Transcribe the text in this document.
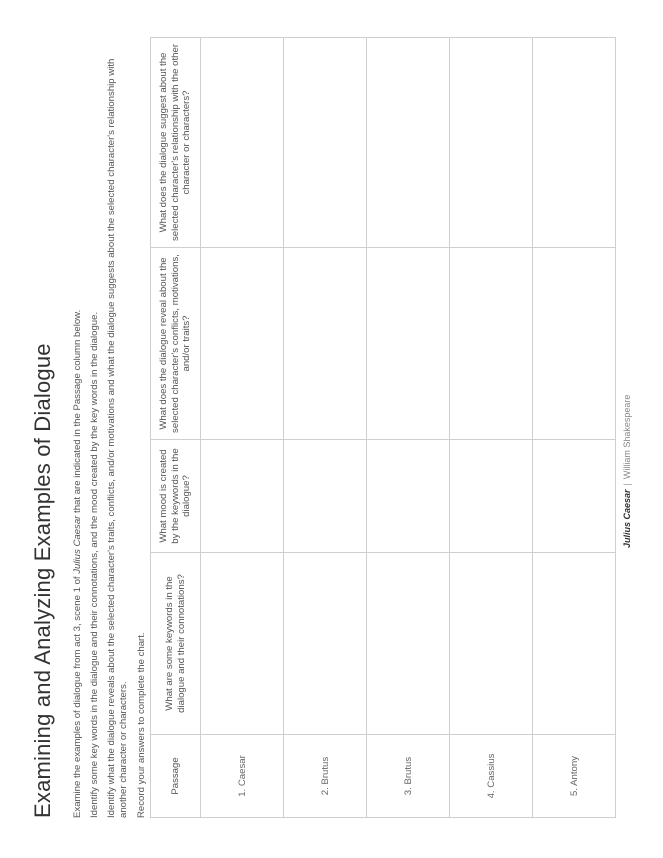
Examining and Analyzing Examples of Dialogue Examine the examples of dialogue from act 3, scene 1 of Julius Caesar that are indicated in the Passage column below. Identify some key words in the dialogue and their connotations, and the mood created by the key words in the dialogue. Identify what the dialogue reveals about the selected character's traits, conflicts, and/or motivations and what the dialogue suggests about the selected character's relationship with another character or characters. Record your answers to complete the chart. Passage	What are some keywords in the dialogue and their connotations?	What mood is created by the keywords in the dialogue?	What does the dialogue reveal about the selected character's conflicts, motivations, and/or traits?	What does the dialogue suggest about the selected character's relationship with the other character or characters?
1. Caesar				
2. Brutus				
3. Brutus				
4. Cassius				
5. Antony				
Julius Caesar|William Shakespeare
